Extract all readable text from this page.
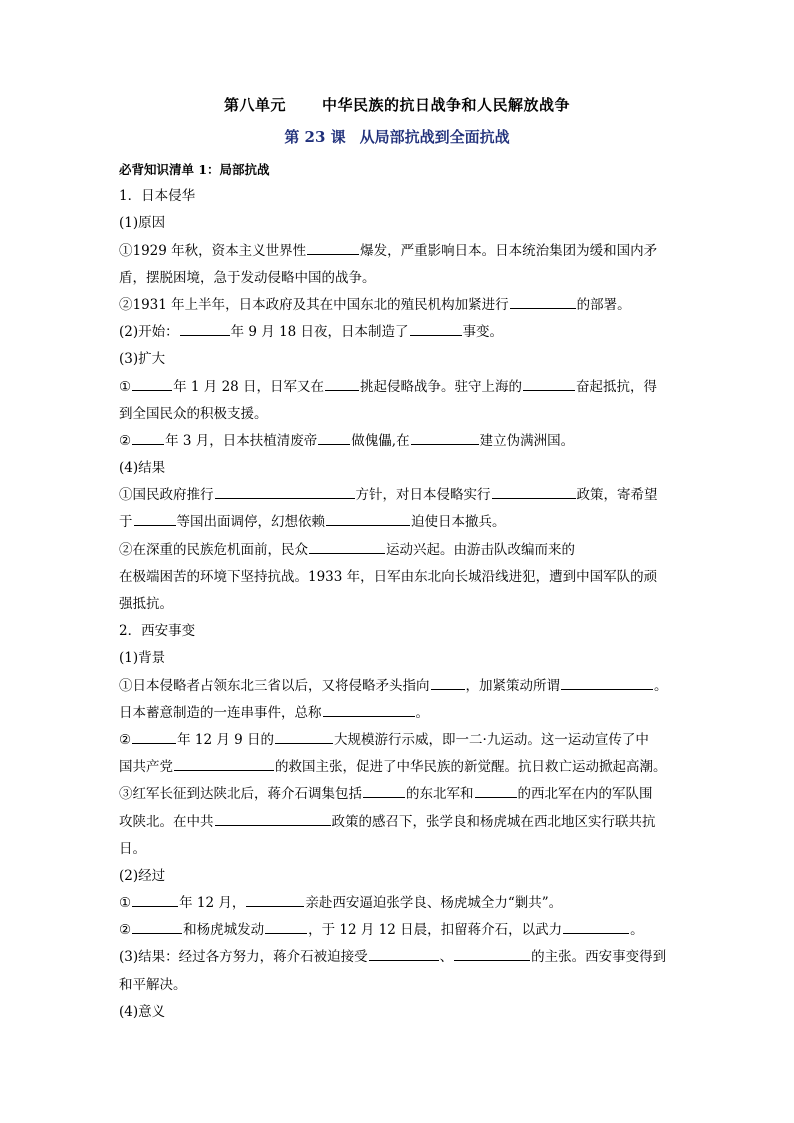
第八单元 中华民族的抗日战争和人民解放战争
第 23 课 从局部抗战到全面抗战
必背知识清单 1：局部抗战
1．日本侵华
(1)原因
①1929 年秋，资本主义世界性	爆发，严重影响日本。日本统治集团为缓和国内矛
盾，摆脱困境，急于发动侵略中国的战争。
②1931 年上半年，日本政府及其在中国东北的殖民机构加紧进行	的部署。
(2)开始：	年 9 月 18 日夜，日本制造了	事变。
(3)扩大
①	年 1 月 28 日，日军又在	挑起侵略战争。驻守上海的	奋起抵抗，得
到全国民众的积极支援。
②	年 3 月，日本扶植清废帝	做傀儡,在	建立伪满洲国。
(4)结果
①国民政府推行	方针，对日本侵略实行	政策，寄希望
于	等国出面调停，幻想依赖	迫使日本撤兵。
②在深重的民族危机面前，民众	运动兴起。由游击队改编而来的
在极端困苦的环境下坚持抗战。1933 年，日军由东北向长城沿线进犯，遭到中国军队的顽
强抵抗。
2．西安事变
(1)背景
①日本侵略者占领东北三省以后，又将侵略矛头指向	，加紧策动所谓	。
日本蓄意制造的一连串事件，总称	。
②	年 12 月 9 日的	大规模游行示威，即一二·九运动。这一运动宣传了中
国共产党	的救国主张，促进了中华民族的新觉醒。抗日救亡运动掀起高潮。
③红军长征到达陕北后，蒋介石调集包括	的东北军和	的西北军在内的军队围
攻陕北。在中共	政策的感召下，张学良和杨虎城在西北地区实行联共抗
日。
(2)经过
①	年 12 月，	亲赴西安逼迫张学良、杨虎城全力“剿共”。
②	和杨虎城发动	，于 12 月 12 日晨，扣留蒋介石，以武力	。
(3)结果：经过各方努力，蒋介石被迫接受	、	的主张。西安事变得到
和平解决。
(4)意义
